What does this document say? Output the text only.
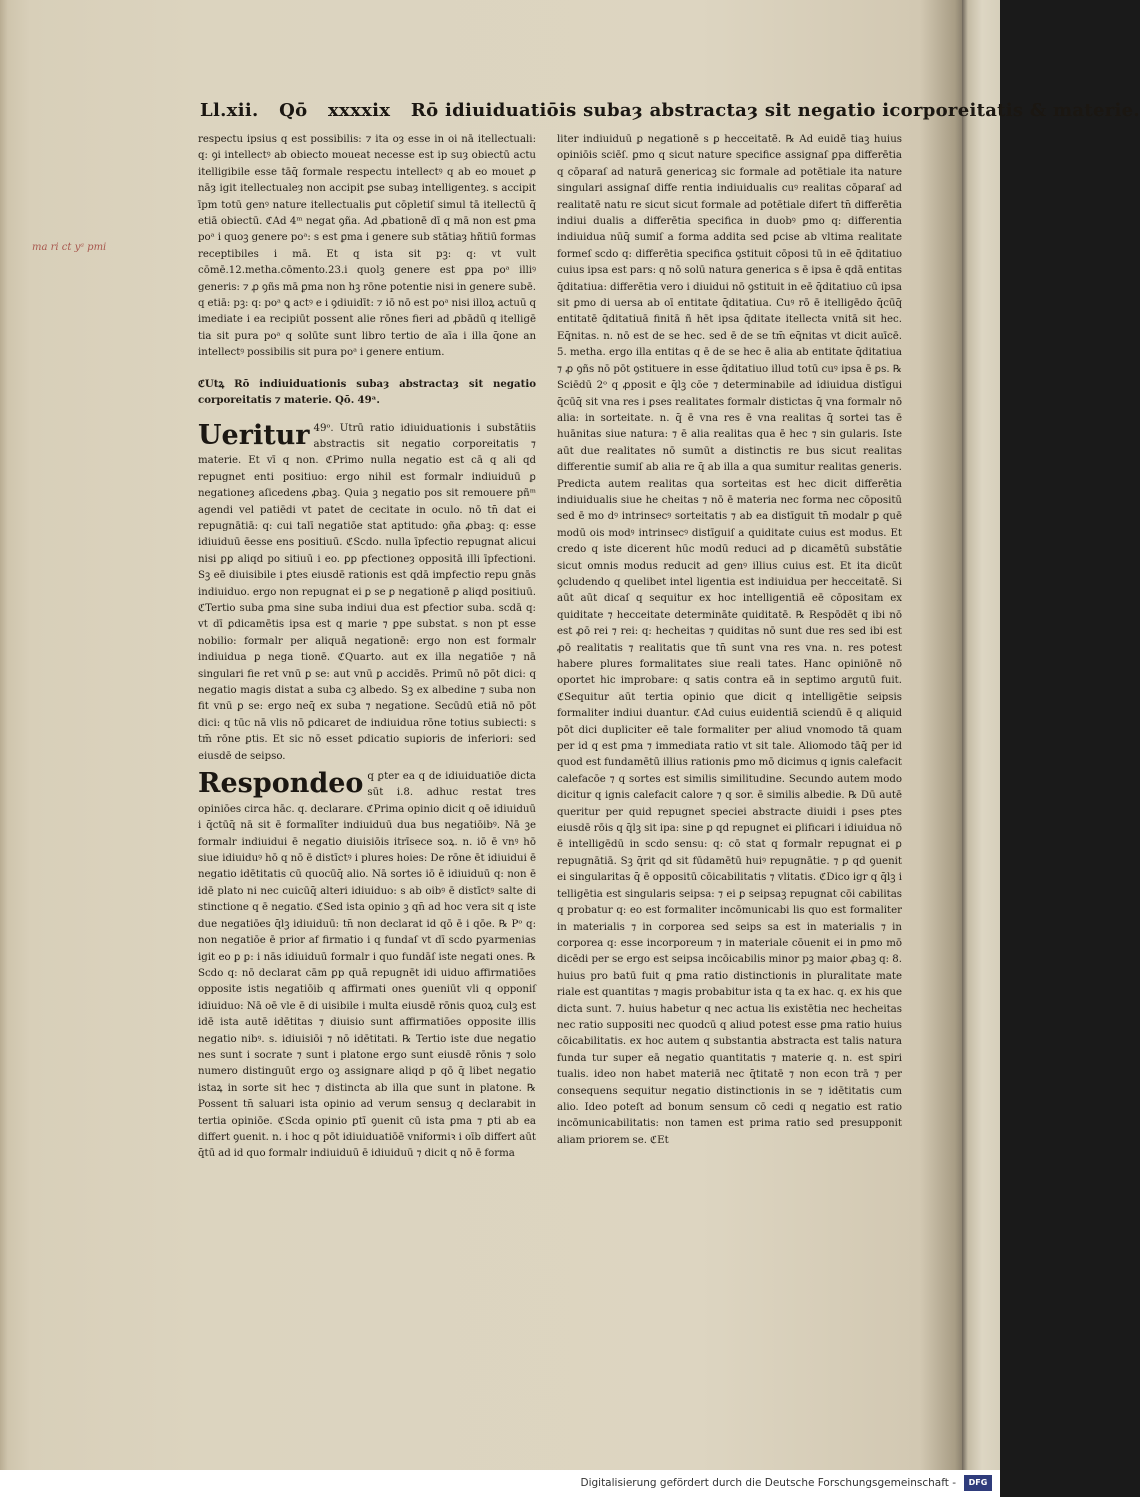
Ll.xii. Qō xxxxix Rō idiuiduatiōis subaȝ abstractaȝ sit negatio icorporeitatis & materie.
ma ri ct yᵃ pmi

respectu ipsius q est possibilis: ⁊ ita oȝ esse in oi nā itellectuali: q: ꝯi intellectꝰ ab obiecto moueat necesse est ip suȝ obiectū actu itelligibile esse tāq̄ formale respectu intellectꝰ q ab eo mouet ꝓ nāȝ igit itellectualeȝ non accipit ꝑse subaȝ intelligenteȝ. s accipit īpm totū genꝰ nature itellectualis ꝑut cōpletiſ simul tā itellectū q̄ etiā obiectū. ℭAd 4ᵐ negat ꝯña. Ad ꝓbationē dī q mā non est ꝑma poᵃ i quoꝫ genere poᵃ: s est ꝑma i genere sub stātiaȝ hñtiū formas receptibiles i mā. Et q ista sit pꝫ: q: vt vult cōmē.12.metha.cōmento.23.i quolꝫ genere est ꝑpa poᵃ illiꝰ generis: ⁊ ꝓ ꝯñs mā ꝑma non hꝫ rōne potentie nisi in genere subē. q etiā: pꝫ: q: poᵃ ꝗ actꝰ e i ꝯdiuidīt: ⁊ iō nō est poᵃ nisi illoꝝ actuū q imediate i ea recipiūt possent alie rōnes fieri ad ꝓbādū q itelligē tia sit pura poᵃ q solūte sunt libro tertio de aīa i illa q̄one an intellectꝰ possibilis sit pura poᵃ i genere entium.

ℭUtꝝ Rō indiuiduationis subaȝ abstractaȝ sit negatio corporeitatis ⁊ materie. Qō. 49ᵃ.

Ueritur 49ᵒ. Utrū ratio idiuiduationis i substātiis abstractis sit negatio corporeitatis ⁊ materie. Et vī q non. ℭPrimo nulla negatio est cā q ali qd repugnet enti positiuo: ergo nihil est formalr indiuiduū ꝑ negationeȝ aſicedens ꝓbaꝫ. Quia ꝫ negatio pos sit remouere pñᵐ agendi vel patiēdi vt patet de cecitate in oculo. nō tn̄ dat ei repugnātiā: q: cui talī negatiōe stat aptitudo: ꝯña ꝓbaꝫ: q: esse idiuiduū ēesse ens positiuū. ℭScdo. nulla īpfectio repugnat alicui nisi ꝑꝑ aliqd po sitiuū i eo. ꝑꝑ ꝑfectioneȝ oppositā illi īpfectioni. Sꝫ eē diuisibile i ꝑtes eiusdē rationis est qdā imꝑfectio repu gnās indiuiduo. ergo non repugnat ei ꝑ se ꝑ negationē ꝑ aliqd positiuū. ℭTertio suba ꝑma sine suba indiui dua est ꝑfectior suba. scdā q: vt dī ꝑdicamētis ipsa est q marie ⁊ ꝑpe substat. s non pt esse nobilio: formalr per aliquā negationē: ergo non est formalr indiuidua ꝑ nega tionē. ℭQuarto. aut ex illa negatiōe ⁊ nā singulari fie ret vnū ꝑ se: aut vnū ꝑ accidēs. Primū nō pōt dici: q negatio magis distat a suba cꝫ albedo. Sꝫ ex albedine ⁊ suba non fit vnū ꝑ se: ergo neq̄ ex suba ⁊ negatione. Secūdū etiā nō pōt dici: q tūc nā vlis nō ꝑdicaret de indiuidua rōne totius subiecti: s tm̄ rōne ꝑtis. Et sic nō esset ꝑdicatio suꝑioris de inferiori: sed eiusdē de seipso.

Respondeo q ꝑter ea q de idiuiduatiōe dicta sūt i.8. adhuc restat tres opiniōes circa hāc. q. declarare. ℭPrima opinio dicit q oē idiuiduū i q̄ctūq̄ nā sit ē formalīter indiuiduū dua bus negatiōibꝰ. Nā ꝫe formalr indiuidui ē negatio diuisiōis itrīsece soꝝ. n. iō ē vnꝰ hō siue idiuiduꝰ hō q nō ē distīctꝰ i plures hoies: De rōne ēt idiuidui ē negatio idētitatis cū quocūq̄ alio. Nā sortes iō ē idiuiduū q: non ē idē plato ni nec cuicūq̄ alteri idiuiduo: s ab oibꝰ ē distīctꝰ salte di stinctione q ē negatio. ℭSed ista opinio ꝫ qn̄ ad hoc vera sit q iste due negatiōes q̄lꝫ idiuiduū: tn̄ non declarat id qō ē i qōe. ℞ Pᵒ q: non negatiōe ē prior af firmatio i q fundaſ vt dī scdo ꝑyarmenias igit eo ꝑ ꝑ: i nās idiuiduū formalr i quo fundāſ iste negati ones. ℞ Scdo q: nō declarat cām ꝑp quā repugnēt idi uiduo affirmatiōes opposite istis negatiōib q affirmati ones ꝯueniūt vli q opponiſ idiuiduo: Nā oē vle ē di uisibile i multa eiusdē rōnis quoꝝ culꝫ est idē ista autē idētitas ⁊ diuisio sunt affirmatiōes opposite illis negatio nibꝰ. s. idiuisiōi ⁊ nō idētitati. ℞ Tertio iste due negatio nes sunt i socrate ⁊ sunt i platone ergo sunt eiusdē rōnis ⁊ solo numero distinguūt ergo oꝫ assignare aliqd p qō q̄ libet negatio istaꝝ in sorte sit hec ⁊ distincta ab illa que sunt in platone. ℞ Possent tn̄ saluari ista opinio ad verum sensuꝫ q declarabit in tertia opiniōe. ℭScda opinio ꝑtī ꝯuenit cū ista ꝑma ⁊ ꝑti ab ea differt ꝯuenit. n. i hoc q pōt idiuiduatiōē vniformiꝛ i oīb differt aūt q̄tū ad id quo formalr indiuiduū ē idiuiduū ⁊ dicit q nō ē forma

liter indiuiduū ꝑ negationē s ꝑ hecceitatē. ℞ Ad euidē tiaꝫ huius opiniōis sciēſ. ꝑmo q sicut nature specifice assignaſ ꝑpa differētia q cōparaſ ad naturā genericaꝫ sic formale ad potētiale ita nature singulari assignaſ diffe rentia indiuidualis cuꝰ realitas cōparaſ ad realitatē natu re sicut sicut formale ad potētiale difert tn̄ differētia indiui dualis a differētia specifica in duobꝰ ꝑmo q: differentia indiuidua nūq̄ sumiſ a forma addita sed ꝑcise ab vltima realitate formeſ scdo q: differētia specifica ꝯstituit cōposi tū in eē q̄ditatiuo cuius ipsa est pars: q nō solū natura generica s ē ipsa ē qdā entitas q̄ditatiua: differētia vero i diuidui nō ꝯstituit in eē q̄ditatiuo cū ipsa sit ꝑmo di uersa ab oī entitate q̄ditatiua. Cuꝰ rō ē itelligēdo q̄cūq̄ entitatē q̄ditatiuā finitā ñ hēt ipsa q̄ditate itellecta vnitā sit hec. Eq̄nitas. n. nō est de se hec. sed ē de se tm̄ eq̄nitas vt dicit auīcē. 5. metha. ergo illa entitas q ē de se hec ē alia ab entitate q̄ditatiua ⁊ ꝓ ꝯñs nō pōt ꝯstituere in esse q̄ditatiuo illud totū cuꝰ ipsa ē ꝑs. ℞ Sciēdū 2ᵒ q ꝓposit e q̄lꝫ cōe ⁊ determinabile ad idiuidua distīgui q̄cūq̄ sit vna res i ꝑses realitates formalr distictas q̄ vna formalr nō alia: in sorteitate. n. q̄ ē vna res ē vna realitas q̄ sortei tas ē huānitas siue natura: ⁊ ē alia realitas qua ē hec ⁊ sin gularis. Iste aūt due realitates nō sumūt a distinctis re bus sicut realitas differentie sumiſ ab alia re q̄ ab illa a qua sumitur realitas generis. Predicta autem realitas qua sorteitas est hec dicit differētia indiuidualis siue he cheitas ⁊ nō ē materia nec forma nec cōpositū sed ē mo dꝰ intrinsecꝰ sorteitatis ⁊ ab ea distīguit tn̄ modalr ꝑ quē modū ois modꝰ intrinsecꝰ distīguiſ a quiditate cuius est modus. Et credo q iste dicerent hūc modū reduci ad ꝑ dicamētū substātie sicut omnis modus reducit ad genꝰ illius cuius est. Et ita dicūt ꝯcludendo q quelibet intel ligentia est indiuidua per hecceitatē. Si aūt aūt dicaſ q sequitur ex hoc intelligentiā eē cōpositam ex quiditate ⁊ hecceitate determināte quiditatē. ℞ Respōdēt q ibi nō est ꝓō rei ⁊ rei: q: hecheitas ⁊ quiditas nō sunt due res sed ibi est ꝓō realitatis ⁊ realitatis que tn̄ sunt vna res vna. n. res potest habere plures formalitates siue reali tates. Hanc opiniōnē nō oportet hic improbare: q satis contra eā in septimo argutū fuit. ℭSequitur aūt tertia opinio que dicit q intelligētie seipsis formaliter indiui duantur. ℭAd cuius euidentiā sciendū ē q aliquid pōt dici dupliciter eē tale formaliter per aliud vnomodo tā quam per id q est ꝑma ⁊ immediata ratio vt sit tale. Aliomodo tāq̄ per id quod est fundamētū illius rationis ꝑmo mō dicimus q ignis calefacit calefacōe ⁊ q sortes est similis similitudine. Secundo autem modo dicitur q ignis calefacit calore ⁊ q sor. ē similis albedie. ℞ Dū autē queritur per quid repugnet speciei abstracte diuidi i ꝑses ꝑtes eiusdē rōis q q̄lꝫ sit ipa: sine ꝑ qd repugnet ei ꝑlificari i idiuidua nō ē intelligēdū in scdo sensu: q: cō stat q formalr repugnat ei ꝑ repugnātiā. Sꝫ q̄rit qd sit fūdamētū huiꝰ repugnātie. ⁊ ꝑ qd ꝯuenit ei singularitas q̄ ē oppositū cōicabilitatis ⁊ vlitatis. ℭDico igr q q̄lꝫ i telligētia est singularis seipsa: ⁊ ei ꝑ seipsaꝫ repugnat cōi cabilitas q probatur q: eo est formaliter incōmunicabi lis quo est formaliter in materialis ⁊ in corporea sed seips sa est in materialis ⁊ in corporea q: esse incorporeum ⁊ in materiale cōuenit ei in ꝑmo mō dicēdi per se ergo est seipsa incōicabilis minor pꝫ maior ꝓbaꝫ q: 8. huius pro batū fuit q ꝑma ratio distinctionis in pluralitate mate riale est quantitas ⁊ magis probabitur ista q ta ex hac. q. ex his que dicta sunt. 7. huius habetur q nec actua lis existētia nec hecheitas nec ratio suppositi nec quodcū q aliud potest esse ꝑma ratio huius cōicabilitatis. ex hoc autem q substantia abstracta est talis natura funda tur super eā negatio quantitatis ⁊ materie q. n. est spiri tualis. ideo non habet materiā nec q̄titatē ⁊ non econ trā ⁊ per consequens sequitur negatio distinctionis in se ⁊ idētitatis cum alio. Ideo poteſt ad bonum sensum cō cedi q negatio est ratio incōmunicabilitatis: non tamen est prima ratio sed presupponit aliam priorem se. ℭEt

Digitalisierung gefördert durch die Deutsche Forschungsgemeinschaft -	DFG
